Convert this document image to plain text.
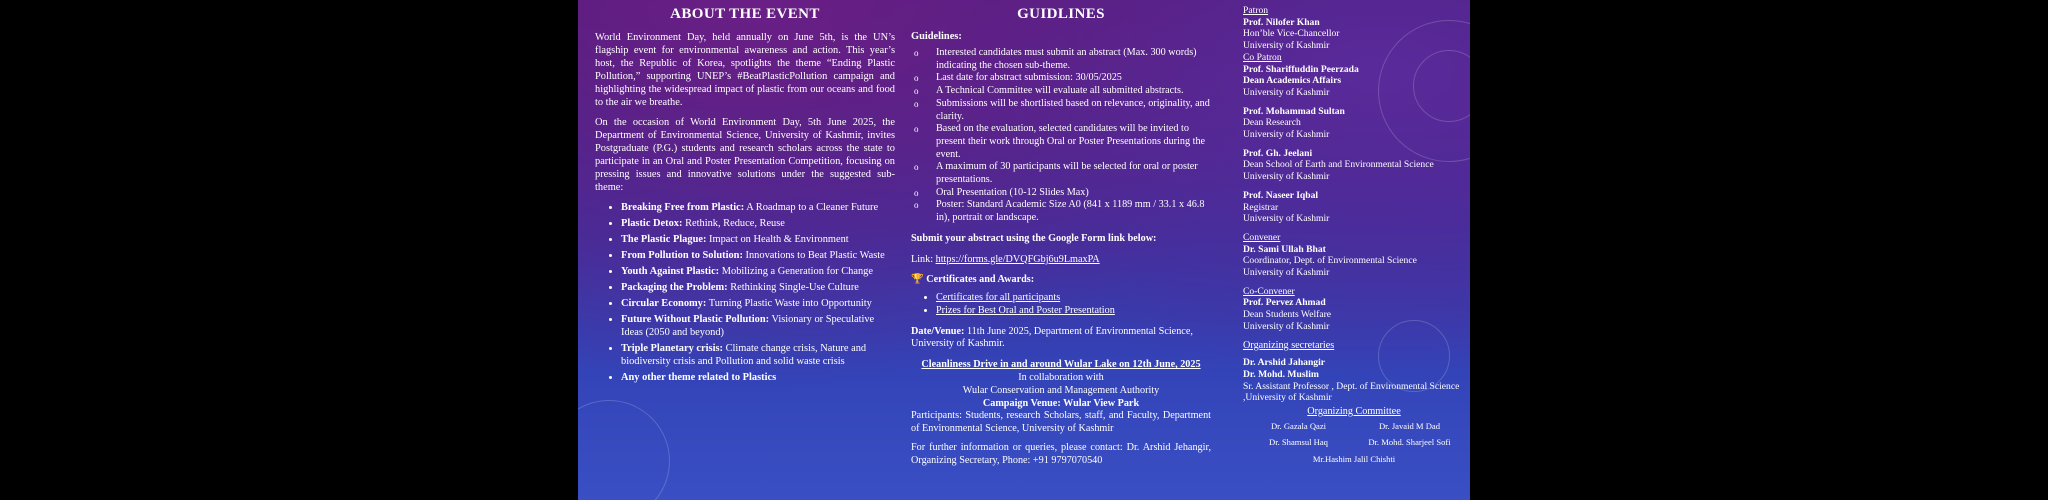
ABOUT THE EVENT

World Environment Day, held annually on June 5th, is the UN’s flagship event for environmental awareness and action. This year’s host, the Republic of Korea, spotlights the theme “Ending Plastic Pollution,” supporting UNEP’s #BeatPlasticPollution campaign and highlighting the widespread impact of plastic from our oceans and food to the air we breathe.

On the occasion of World Environment Day, 5th June 2025, the Department of Environmental Science, University of Kashmir, invites Postgraduate (P.G.) students and research scholars across the state to participate in an Oral and Poster Presentation Competition, focusing on pressing issues and innovative solutions under the suggested sub-theme:

• Breaking Free from Plastic: A Roadmap to a Cleaner Future
• Plastic Detox: Rethink, Reduce, Reuse
• The Plastic Plague: Impact on Health & Environment
• From Pollution to Solution: Innovations to Beat Plastic Waste
• Youth Against Plastic: Mobilizing a Generation for Change
• Packaging the Problem: Rethinking Single-Use Culture
• Circular Economy: Turning Plastic Waste into Opportunity
• Future Without Plastic Pollution: Visionary or Speculative Ideas (2050 and beyond)
• Triple Planetary crisis: Climate change crisis, Nature and biodiversity crisis and Pollution and solid waste crisis
• Any other theme related to Plastics
GUIDLINES
Guidelines:
o Interested candidates must submit an abstract (Max. 300 words) indicating the chosen sub-theme.
o Last date for abstract submission: 30/05/2025
o A Technical Committee will evaluate all submitted abstracts.
o Submissions will be shortlisted based on relevance, originality, and clarity.
o Based on the evaluation, selected candidates will be invited to present their work through Oral or Poster Presentations during the event.
o A maximum of 30 participants will be selected for oral or poster presentations.
o Oral Presentation (10-12 Slides Max)
o Poster: Standard Academic Size A0 (841 x 1189 mm / 33.1 x 46.8 in), portrait or landscape.

Submit your abstract using the Google Form link below:

Link: https://forms.gle/DVQFGbj6u9LmaxPA

🏆 Certificates and Awards:

• Certificates for all participants
• Prizes for Best Oral and Poster Presentation

Date/Venue: 11th June 2025, Department of Environmental Science, University of Kashmir.

Cleanliness Drive in and around Wular Lake on 12th June, 2025

In collaboration with

Wular Conservation and Management Authority

Campaign Venue: Wular View Park

Participants: Students, research Scholars, staff, and Faculty, Department of Environmental Science, University of Kashmir

For further information or queries, please contact: Dr. Arshid Jehangir, Organizing Secretary, Phone: +91 9797070540

Patron
Prof. Nilofer Khan
Hon’ble Vice-Chancellor
University of Kashmir
Co Patron
Prof. Shariffuddin Peerzada
Dean Academics Affairs
University of Kashmir
Prof. Mohammad Sultan
Dean Research
University of Kashmir
Prof. Gh. Jeelani
Dean School of Earth and Environmental Science
University of Kashmir
Prof. Naseer Iqbal
Registrar
University of Kashmir
Convener
Dr. Sami Ullah Bhat
Coordinator, Dept. of Environmental Science
University of Kashmir
Co-Convener
Prof. Pervez Ahmad
Dean Students Welfare
University of Kashmir
Organizing secretaries
Dr. Arshid Jahangir
Dr. Mohd. Muslim
Sr. Assistant Professor , Dept. of Environmental Science ,University of Kashmir
Organizing Committee
Dr. Gazala Qazi	Dr. Javaid M Dad
Dr. Shamsul Haq	Dr. Mohd. Sharjeel Sofi
Mr.Hashim Jalil Chishti
